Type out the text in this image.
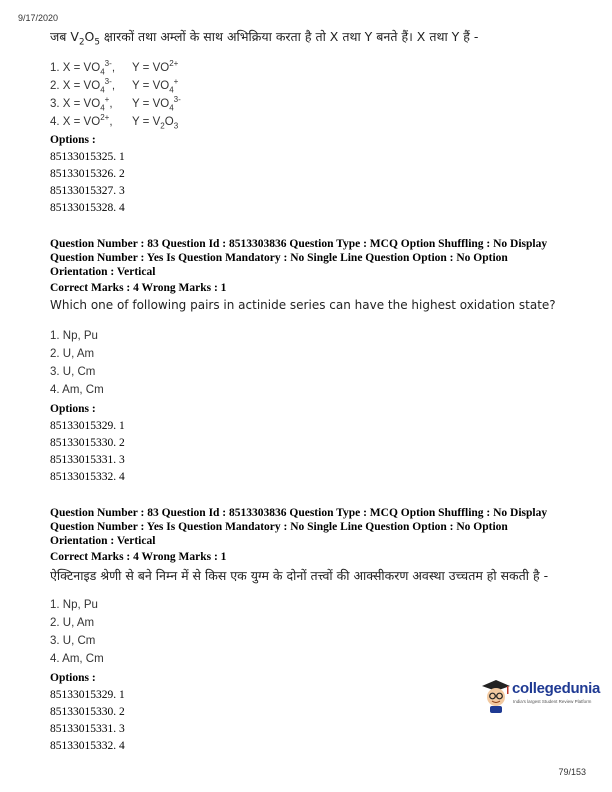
9/17/2020
जब $V_2O_5$ क्षारकों तथा अम्लों के साथ अभिक्रिया करता है तो X तथा Y बनते हैं। X तथा Y हैं -
1. $X = VO_4^{3-}$, $Y = VO^{2+}$
2. $X = VO_4^{3-}$, $Y = VO_4^+$
3. $X = VO_4^+$, $Y = VO_4^{3-}$
4. $X = VO^{2+}$, $Y = V_2O_3$
Options :
85133015325. 1
85133015326. 2
85133015327. 3
85133015328. 4
Question Number : 83 Question Id : 8513303836 Question Type : MCQ Option Shuffling : No Display
Question Number : Yes Is Question Mandatory : No Single Line Question Option : No Option
Orientation : Vertical
Correct Marks : 4 Wrong Marks : 1
Which one of following pairs in actinide series can have the highest oxidation state?
1. Np, Pu
2. U, Am
3. U, Cm
4. Am, Cm
Options :
85133015329. 1
85133015330. 2
85133015331. 3
85133015332. 4
Question Number : 83 Question Id : 8513303836 Question Type : MCQ Option Shuffling : No Display
Question Number : Yes Is Question Mandatory : No Single Line Question Option : No Option
Orientation : Vertical
Correct Marks : 4 Wrong Marks : 1
ऐक्टिनाइड श्रेणी से बने निम्न में से किस एक युग्म के दोनों तत्त्वों की आक्सीकरण अवस्था उच्चतम हो सकती है -
1. Np, Pu
2. U, Am
3. U, Cm
4. Am, Cm
Options :
85133015329. 1
85133015330. 2
85133015331. 3
85133015332. 4
collegedunia
India's largest Student Review Platform
79/153
